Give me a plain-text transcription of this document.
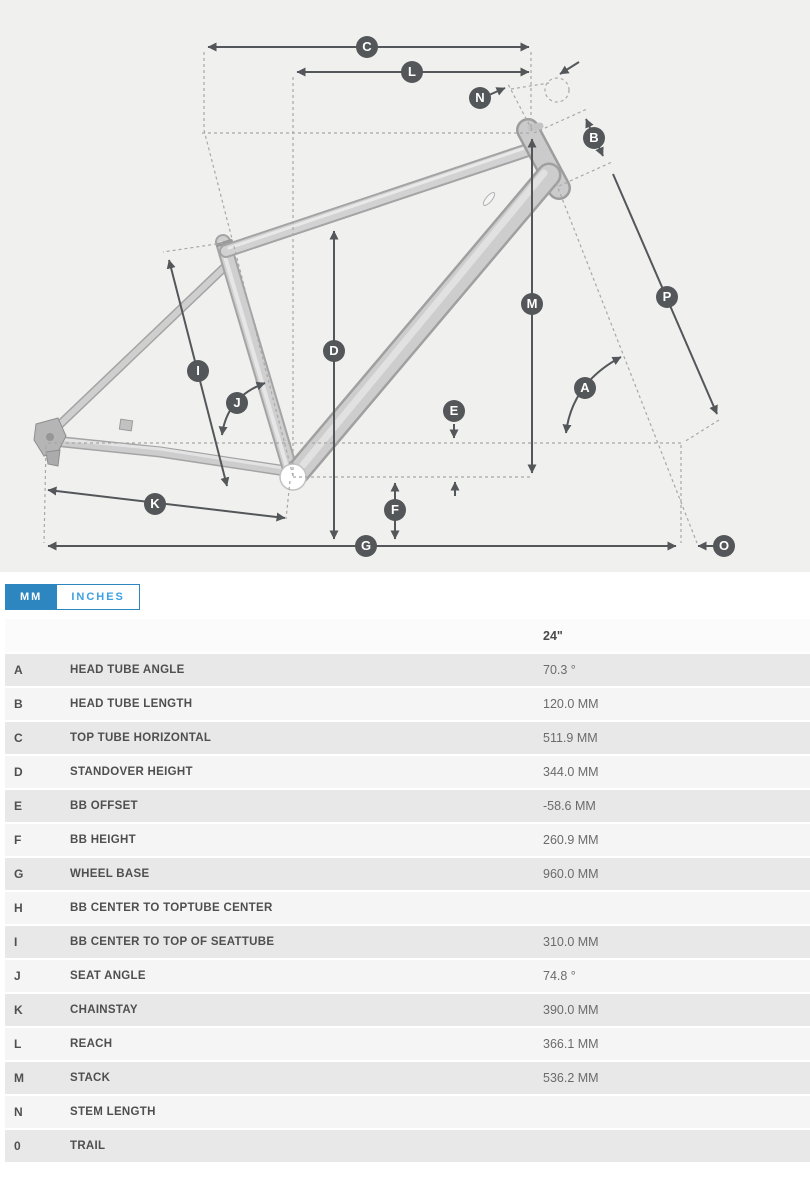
C
L
N
B
P
M
A
D
I
J
E
K	F
G	O
MM	INCHES
24"
A	HEAD TUBE ANGLE	70.3 °
B	HEAD TUBE LENGTH	120.0 MM
C	TOP TUBE HORIZONTAL	511.9 MM
D	STANDOVER HEIGHT	344.0 MM
E	BB OFFSET	-58.6 MM
F	BB HEIGHT	260.9 MM
G	WHEEL BASE	960.0 MM
H	BB CENTER TO TOPTUBE CENTER
I	BB CENTER TO TOP OF SEATTUBE	310.0 MM
J	SEAT ANGLE	74.8 °
K	CHAINSTAY	390.0 MM
L	REACH	366.1 MM
M	STACK	536.2 MM
N	STEM LENGTH
0	TRAIL
